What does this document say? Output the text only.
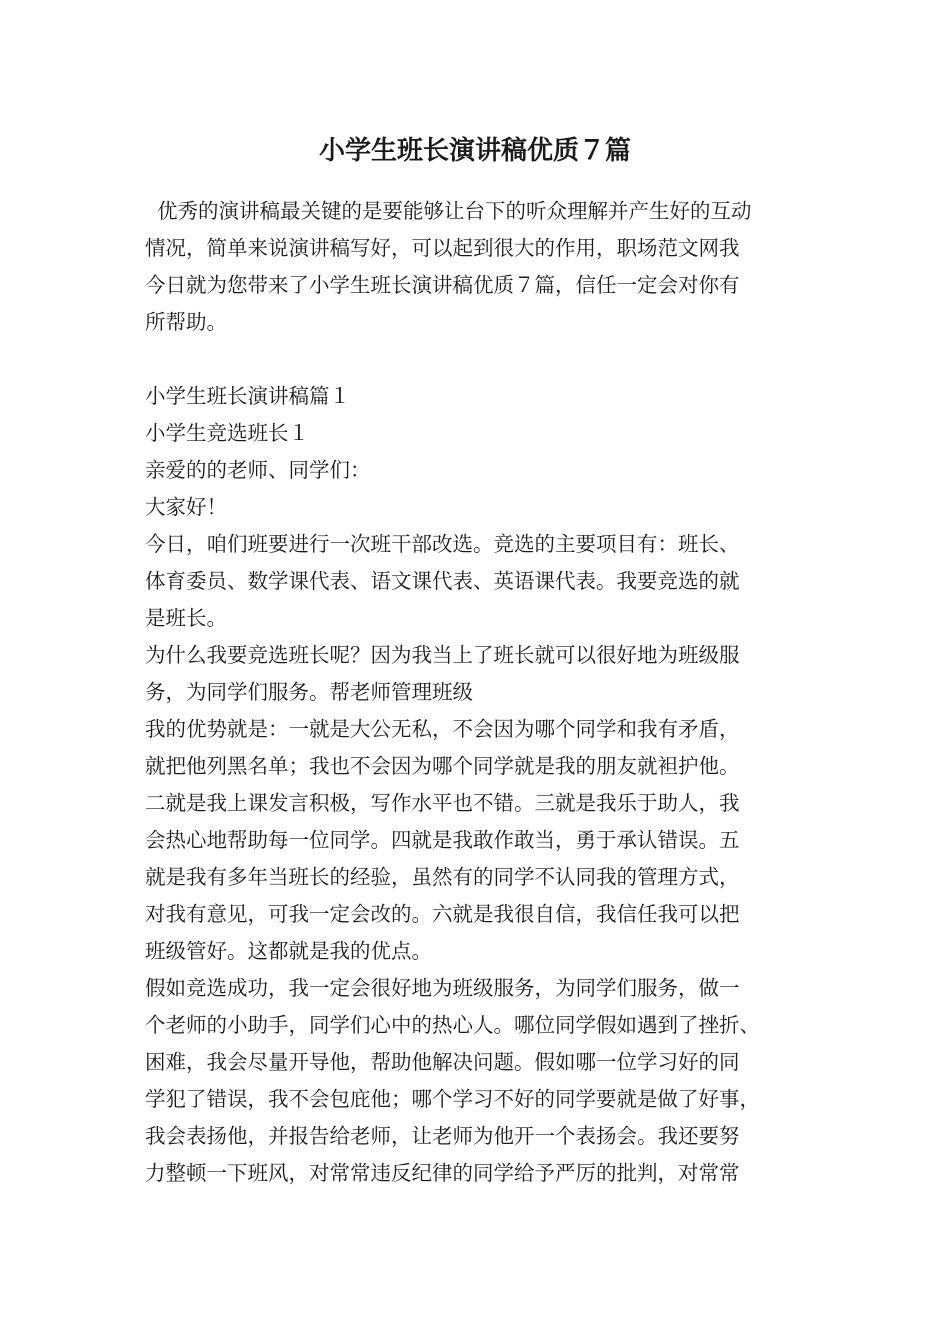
小学生班长演讲稿优质７篇
优秀的演讲稿最关键的是要能够让台下的听众理解并产生好的互动
情况，简单来说演讲稿写好，可以起到很大的作用，职场范文网我
今日就为您带来了小学生班长演讲稿优质７篇，信任一定会对你有
所帮助。
小学生班长演讲稿篇１
小学生竞选班长１
亲爱的的老师、同学们：
大家好！
今日，咱们班要进行一次班干部改选。竞选的主要项目有：班长、
体育委员、数学课代表、语文课代表、英语课代表。我要竞选的就
是班长。
为什么我要竞选班长呢？因为我当上了班长就可以很好地为班级服
务，为同学们服务。帮老师管理班级
我的优势就是：一就是大公无私，不会因为哪个同学和我有矛盾，
就把他列黑名单；我也不会因为哪个同学就是我的朋友就袒护他。
二就是我上课发言积极，写作水平也不错。三就是我乐于助人，我
会热心地帮助每一位同学。四就是我敢作敢当，勇于承认错误。五
就是我有多年当班长的经验，虽然有的同学不认同我的管理方式，
对我有意见，可我一定会改的。六就是我很自信，我信任我可以把
班级管好。这都就是我的优点。
假如竞选成功，我一定会很好地为班级服务，为同学们服务，做一
个老师的小助手，同学们心中的热心人。哪位同学假如遇到了挫折、
困难，我会尽量开导他，帮助他解决问题。假如哪一位学习好的同
学犯了错误，我不会包庇他；哪个学习不好的同学要就是做了好事，
我会表扬他，并报告给老师，让老师为他开一个表扬会。我还要努
力整顿一下班风，对常常违反纪律的同学给予严厉的批判，对常常
